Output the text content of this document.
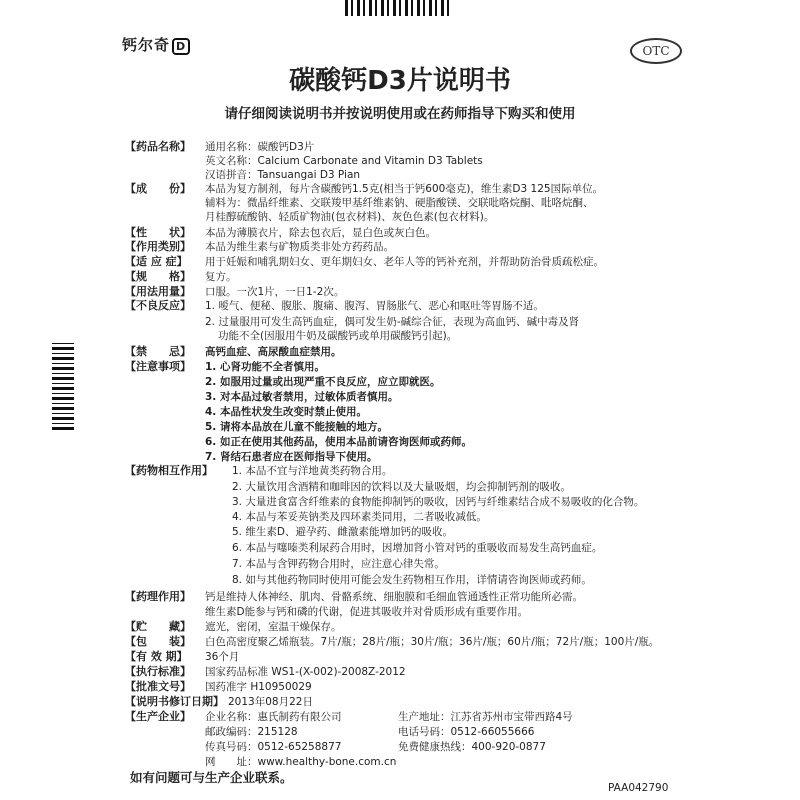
钙尔奇 D	OTC
碳酸钙D3片说明书
请仔细阅读说明书并按说明使用或在药师指导下购买和使用
【药品名称】 通用名称：碳酸钙D3片
英文名称：Calcium Carbonate and Vitamin D3 Tablets
汉语拼音：Tansuangai D3 Pian
【成　　份】 本品为复方制剂，每片含碳酸钙1.5克(相当于钙600毫克)，维生素D3 125国际单位。
辅料为：微晶纤维素、交联羧甲基纤维素钠、硬脂酸镁、交联吡咯烷酮、吡咯烷酮、
月桂醇硫酸钠、轻质矿物油(包衣材料)、灰色色素(包衣材料)。
【性　　状】 本品为薄膜衣片，除去包衣后，显白色或灰白色。
【作用类别】 本品为维生素与矿物质类非处方药药品。
【适 应 症】 用于妊娠和哺乳期妇女、更年期妇女、老年人等的钙补充剂，并帮助防治骨质疏松症。
【规　　格】 复方。
【用法用量】 口服。一次1片，一日1-2次。
【不良反应】 1. 嗳气、便秘、腹胀、腹痛、腹泻、胃肠胀气、恶心和呕吐等胃肠不适。
2. 过量服用可发生高钙血症，偶可发生奶-碱综合征，表现为高血钙、碱中毒及肾
功能不全(因服用牛奶及碳酸钙或单用碳酸钙引起)。
【禁　　忌】 高钙血症、高尿酸血症禁用。
【注意事项】 1. 心肾功能不全者慎用。
2. 如服用过量或出现严重不良反应，应立即就医。
3. 对本品过敏者禁用，过敏体质者慎用。
4. 本品性状发生改变时禁止使用。
5. 请将本品放在儿童不能接触的地方。
6. 如正在使用其他药品，使用本品前请咨询医师或药师。
7. 肾结石患者应在医师指导下使用。
【药物相互作用】 1. 本品不宜与洋地黄类药物合用。
2. 大量饮用含酒精和咖啡因的饮料以及大量吸烟，均会抑制钙剂的吸收。
3. 大量进食富含纤维素的食物能抑制钙的吸收，因钙与纤维素结合成不易吸收的化合物。
4. 本品与苯妥英钠类及四环素类同用，二者吸收减低。
5. 维生素D、避孕药、雌激素能增加钙的吸收。
6. 本品与噻嗪类利尿药合用时，因增加肾小管对钙的重吸收而易发生高钙血症。
7. 本品与含钾药物合用时，应注意心律失常。
8. 如与其他药物同时使用可能会发生药物相互作用，详情请咨询医师或药师。
【药理作用】 钙是维持人体神经、肌肉、骨骼系统、细胞膜和毛细血管通透性正常功能所必需。
维生素D能参与钙和磷的代谢，促进其吸收并对骨质形成有重要作用。
【贮　　藏】 遮光，密闭，室温干燥保存。
【包　　装】 白色高密度聚乙烯瓶装。7片/瓶；28片/瓶；30片/瓶；36片/瓶；60片/瓶；72片/瓶；100片/瓶。
【有 效 期】 36个月
【执行标准】 国家药品标准 WS1-(X-002)-2008Z-2012
【批准文号】 国药准字 H10950029
【说明书修订日期】 2013年08月22日
【生产企业】 企业名称：惠氏制药有限公司	生产地址：江苏省苏州市宝带西路4号
邮政编码：215128	电话号码：0512-66055666
传真号码：0512-65258877	免费健康热线：400-920-0877
网　　址：www.healthy-bone.com.cn
如有问题可与生产企业联系。
PAA042790
